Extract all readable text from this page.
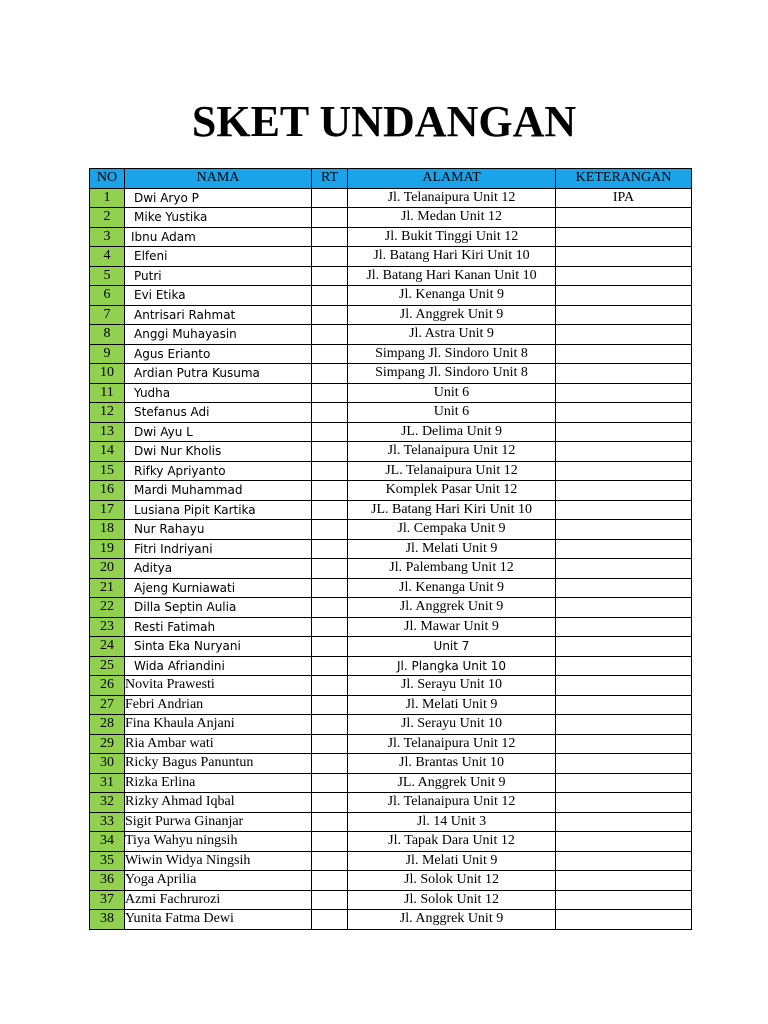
SKET UNDANGAN
NO	NAMA	RT	ALAMAT	KETERANGAN
1	Dwi Aryo P		Jl. Telanaipura Unit 12	IPA
2	Mike Yustika		Jl. Medan Unit 12	
3	Ibnu Adam		Jl. Bukit Tinggi Unit 12	
4	Elfeni		Jl. Batang Hari Kiri Unit 10	
5	Putri		Jl. Batang Hari Kanan Unit 10	
6	Evi Etika		Jl. Kenanga Unit 9	
7	Antrisari Rahmat		Jl. Anggrek Unit 9	
8	Anggi Muhayasin		Jl. Astra Unit 9	
9	Agus Erianto		Simpang Jl. Sindoro Unit 8	
10	Ardian Putra Kusuma		Simpang Jl. Sindoro Unit 8	
11	Yudha		Unit 6	
12	Stefanus Adi		Unit 6	
13	Dwi Ayu L		JL. Delima Unit 9	
14	Dwi Nur Kholis		Jl. Telanaipura Unit 12	
15	Rifky Apriyanto		JL. Telanaipura Unit 12	
16	Mardi Muhammad		Komplek Pasar Unit 12	
17	Lusiana Pipit Kartika		JL. Batang Hari Kiri Unit 10	
18	Nur Rahayu		Jl. Cempaka Unit 9	
19	Fitri Indriyani		Jl. Melati Unit 9	
20	Aditya		Jl. Palembang Unit 12	
21	Ajeng Kurniawati		Jl. Kenanga Unit 9	
22	Dilla Septin Aulia		Jl. Anggrek Unit 9	
23	Resti Fatimah		Jl. Mawar Unit 9	
24	Sinta Eka Nuryani		Unit 7	
25	Wida Afriandini		Jl. Plangka Unit 10	
26	Novita Prawesti		Jl. Serayu Unit 10	
27	Febri Andrian		Jl. Melati Unit 9	
28	Fina Khaula Anjani		Jl. Serayu Unit 10	
29	Ria Ambar wati		Jl. Telanaipura Unit 12	
30	Ricky Bagus Panuntun		Jl. Brantas Unit 10	
31	Rizka Erlina		JL. Anggrek Unit 9	
32	Rizky Ahmad Iqbal		Jl. Telanaipura Unit 12	
33	Sigit Purwa Ginanjar		Jl. 14 Unit 3	
34	Tiya Wahyu ningsih		Jl. Tapak Dara Unit 12	
35	Wiwin Widya Ningsih		Jl. Melati Unit 9	
36	Yoga Aprilia		Jl. Solok Unit 12	
37	Azmi Fachrurozi		Jl. Solok Unit 12	
38	Yunita Fatma Dewi		Jl. Anggrek Unit 9	
